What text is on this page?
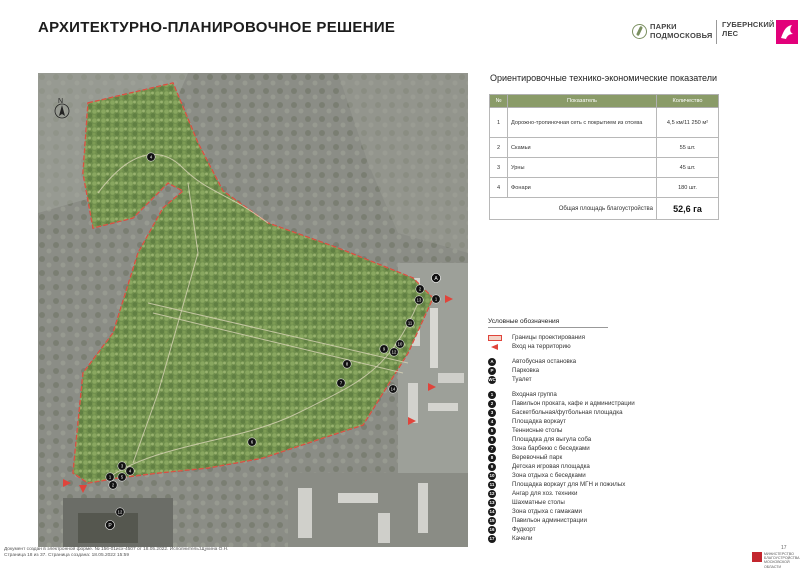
АРХИТЕКТУРНО-ПЛАНИРОВОЧНОЕ РЕШЕНИЕ	ПАРКИ
ПОДМОСКОВЬЯ
ГУБЕРНСКИЙ
ЛЕС
N
4
1
2
13
11
10
12
9
8
7
14
6
4
3
5
1
2
12
А
P
Ориентировочные технико-экономические показатели
№	Показатель	Количество
1	Дорожно-тропиночная сеть с покрытием из отсева	4,5 км/11 250 м²
2	Скамьи	55 шт.
3	Урны	45 шт.
4	Фонари	180 шт.
Общая площадь благоустройства		52,6 га
Условные обозначения
Границы проектирования
Вход на территорию
А	Автобусная остановка
P	Парковка
WC	Туалет
1	Входная группа
2	Павильон проката, кафе и администрации
3	Баскетбольная/футбольная площадка
4	Площадка воркаут
5	Теннисные столы
6	Площадка для выгула соба
7	Зона барбекю с беседками
8	Веревочный парк
9	Детская игровая площадка
10	Зона отдыха с беседками
11	Площадка воркаут для МГН и пожилых
12	Ангар для хоз. техники
13	Шахматные столы
14	Зона отдыха с гамаками
15	Павильон администрации
16	Фудкорт
17	Качели
Документ создан в электронной форме. № 156-01исх-4507 от 18.05.2022. Исполнитель:Щукина О.Н.
Страница 18 из 37. Страница создана: 18.05.2022 15:59
17
МИНИСТЕРСТВО
БЛАГОУСТРОЙСТВА
МОСКОВСКОЙ ОБЛАСТИ
